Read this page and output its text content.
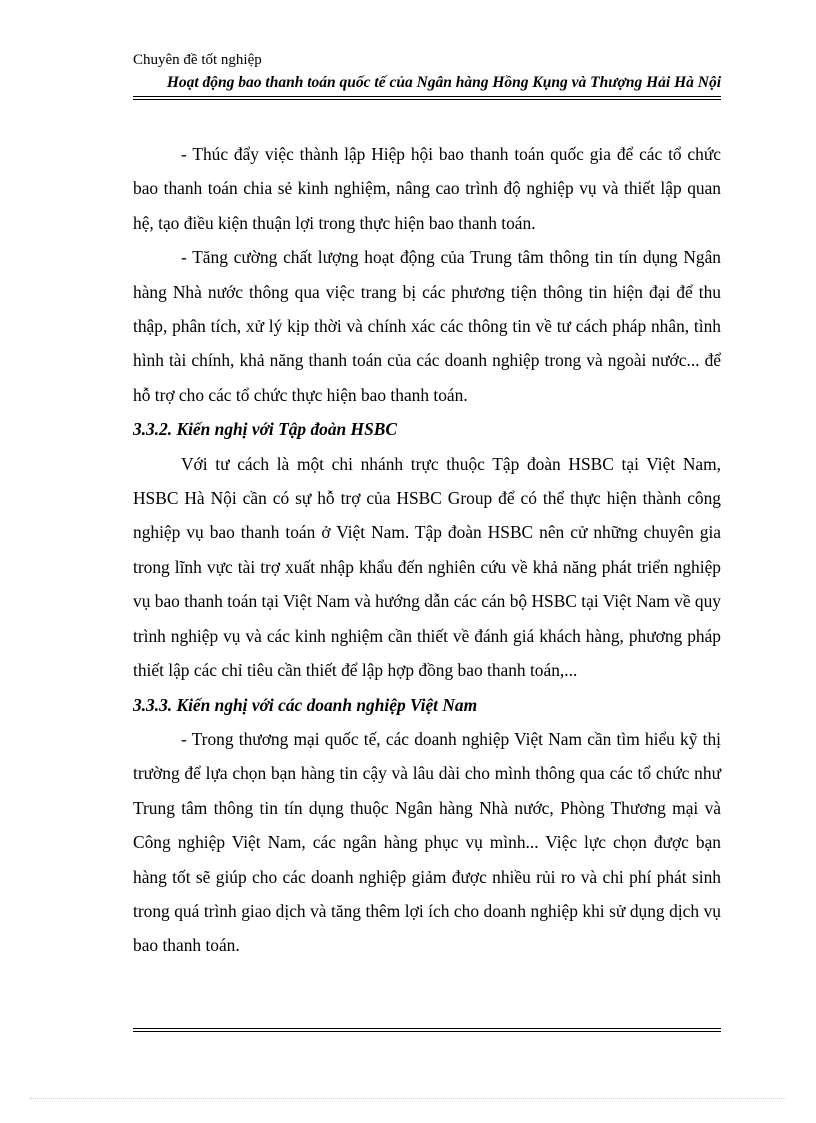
Chuyên đề tốt nghiệp
Hoạt động bao thanh toán quốc tế của Ngân hàng Hồng Kụng và Thượng Hải Hà Nội

- Thúc đẩy việc thành lập Hiệp hội bao thanh toán quốc gia để các tổ chức bao thanh toán chia sẻ kinh nghiệm, nâng cao trình độ nghiệp vụ và thiết lập quan hệ, tạo điều kiện thuận lợi trong thực hiện bao thanh toán.

- Tăng cường chất lượng hoạt động của Trung tâm thông tin tín dụng Ngân hàng Nhà nước thông qua việc trang bị các phương tiện thông tin hiện đại để thu thập, phân tích, xử lý kịp thời và chính xác các thông tin về tư cách pháp nhân, tình hình tài chính, khả năng thanh toán của các doanh nghiệp trong và ngoài nước... để hỗ trợ cho các tổ chức thực hiện bao thanh toán.

3.3.2. Kiến nghị với Tập đoàn HSBC

Với tư cách là một chi nhánh trực thuộc Tập đoàn HSBC tại Việt Nam, HSBC Hà Nội cần có sự hỗ trợ của HSBC Group để có thể thực hiện thành công nghiệp vụ bao thanh toán ở Việt Nam. Tập đoàn HSBC nên cử những chuyên gia trong lĩnh vực tài trợ xuất nhập khẩu đến nghiên cứu về khả năng phát triển nghiệp vụ bao thanh toán tại Việt Nam và hướng dẫn các cán bộ HSBC tại Việt Nam về quy trình nghiệp vụ và các kinh nghiệm cần thiết về đánh giá khách hàng, phương pháp thiết lập các chỉ tiêu cần thiết để lập hợp đồng bao thanh toán,...

3.3.3. Kiến nghị với các doanh nghiệp Việt Nam

- Trong thương mại quốc tế, các doanh nghiệp Việt Nam cần tìm hiểu kỹ thị trường để lựa chọn bạn hàng tin cậy và lâu dài cho mình thông qua các tổ chức như Trung tâm thông tin tín dụng thuộc Ngân hàng Nhà nước, Phòng Thương mại và Công nghiệp Việt Nam, các ngân hàng phục vụ mình... Việc lực chọn được bạn hàng tốt sẽ giúp cho các doanh nghiệp giảm được nhiều rủi ro và chi phí phát sinh trong quá trình giao dịch và tăng thêm lợi ích cho doanh nghiệp khi sử dụng dịch vụ bao thanh toán.
